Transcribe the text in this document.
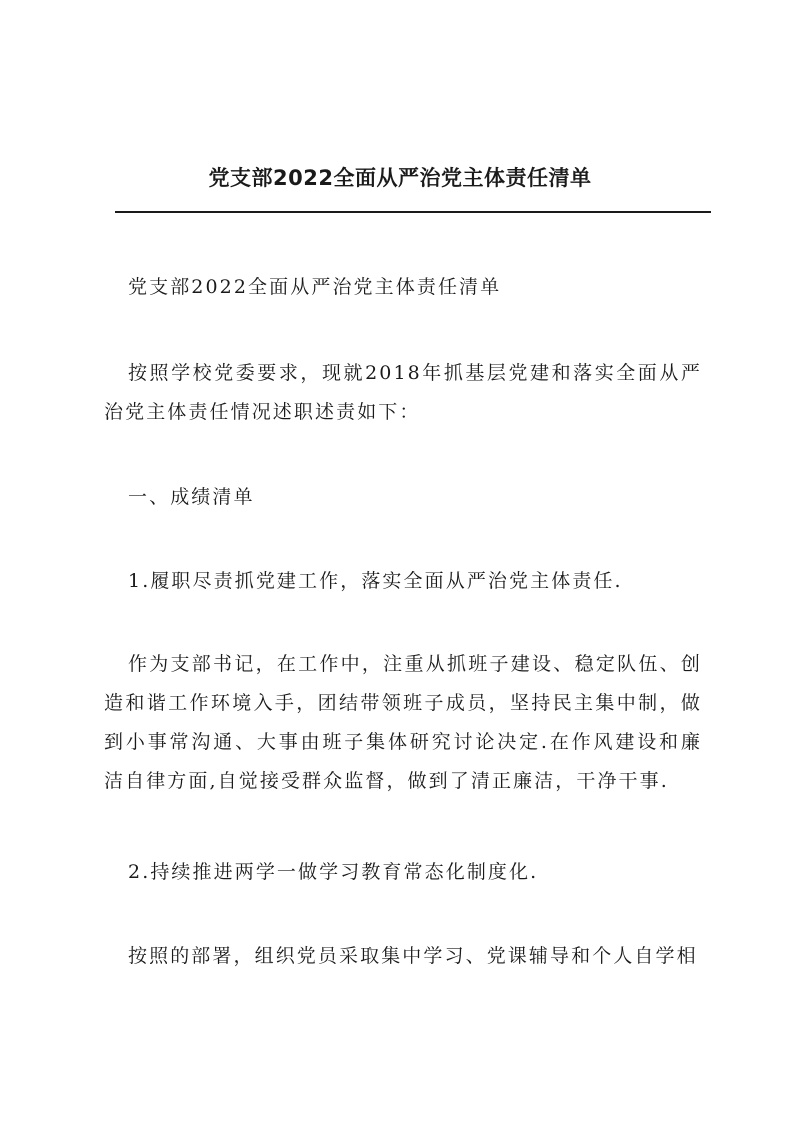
党支部2022全面从严治党主体责任清单

党支部2022全面从严治党主体责任清单

按照学校党委要求，现就2018年抓基层党建和落实全面从严治党主体责任情况述职述责如下：

一、成绩清单

1.履职尽责抓党建工作，落实全面从严治党主体责任.

作为支部书记，在工作中，注重从抓班子建设、稳定队伍、创造和谐工作环境入手，团结带领班子成员，坚持民主集中制，做到小事常沟通、大事由班子集体研究讨论决定.在作风建设和廉洁自律方面,自觉接受群众监督，做到了清正廉洁，干净干事.

2.持续推进两学一做学习教育常态化制度化.

按照的部署，组织党员采取集中学习、党课辅导和个人自学相
